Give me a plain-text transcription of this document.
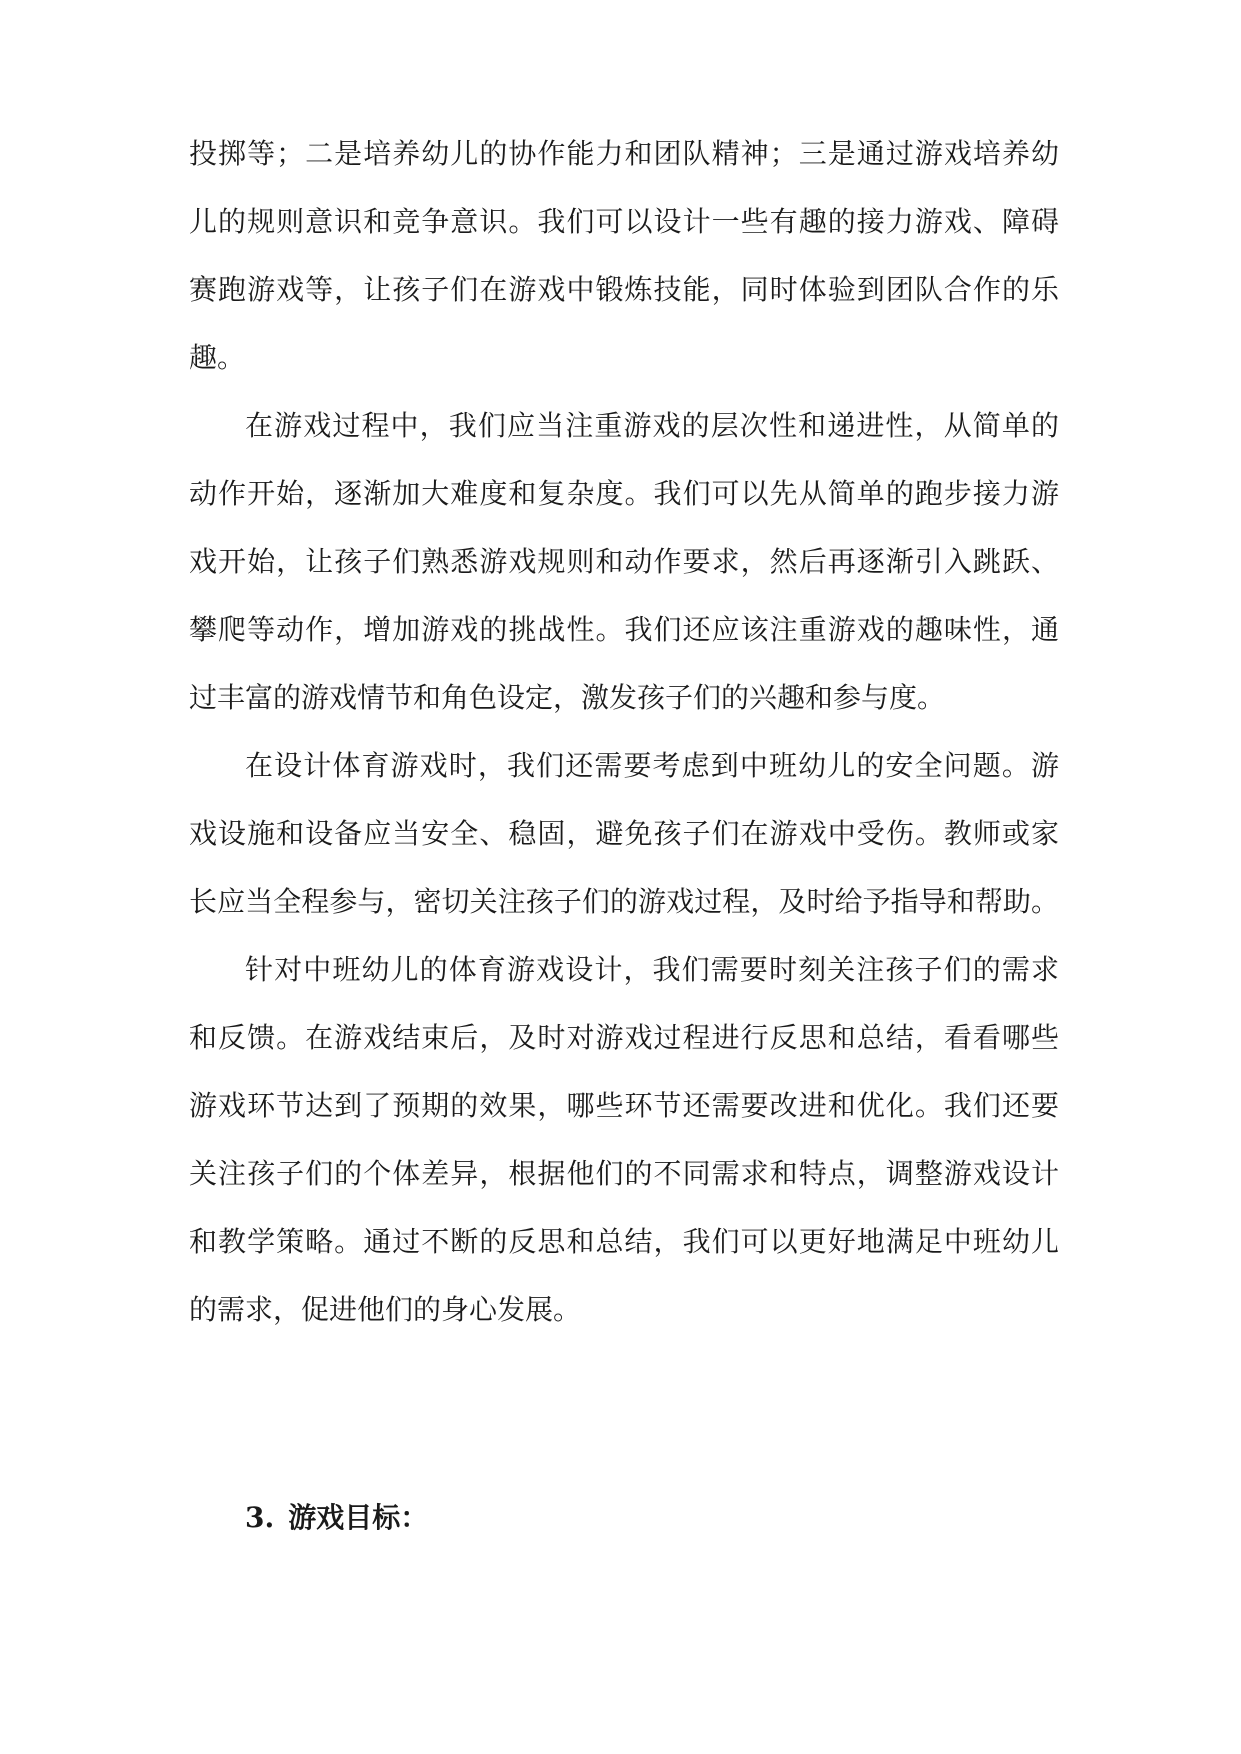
投掷等；二是培养幼儿的协作能力和团队精神；三是通过游戏培养幼
儿的规则意识和竞争意识。我们可以设计一些有趣的接力游戏、障碍
赛跑游戏等，让孩子们在游戏中锻炼技能，同时体验到团队合作的乐
趣。
在游戏过程中，我们应当注重游戏的层次性和递进性，从简单的
动作开始，逐渐加大难度和复杂度。我们可以先从简单的跑步接力游
戏开始，让孩子们熟悉游戏规则和动作要求，然后再逐渐引入跳跃、
攀爬等动作，增加游戏的挑战性。我们还应该注重游戏的趣味性，通
过丰富的游戏情节和角色设定，激发孩子们的兴趣和参与度。
在设计体育游戏时，我们还需要考虑到中班幼儿的安全问题。游
戏设施和设备应当安全、稳固，避免孩子们在游戏中受伤。教师或家
长应当全程参与，密切关注孩子们的游戏过程，及时给予指导和帮助。
针对中班幼儿的体育游戏设计，我们需要时刻关注孩子们的需求
和反馈。在游戏结束后，及时对游戏过程进行反思和总结，看看哪些
游戏环节达到了预期的效果，哪些环节还需要改进和优化。我们还要
关注孩子们的个体差异，根据他们的不同需求和特点，调整游戏设计
和教学策略。通过不断的反思和总结，我们可以更好地满足中班幼儿
的需求，促进他们的身心发展。
3. 游戏目标：
